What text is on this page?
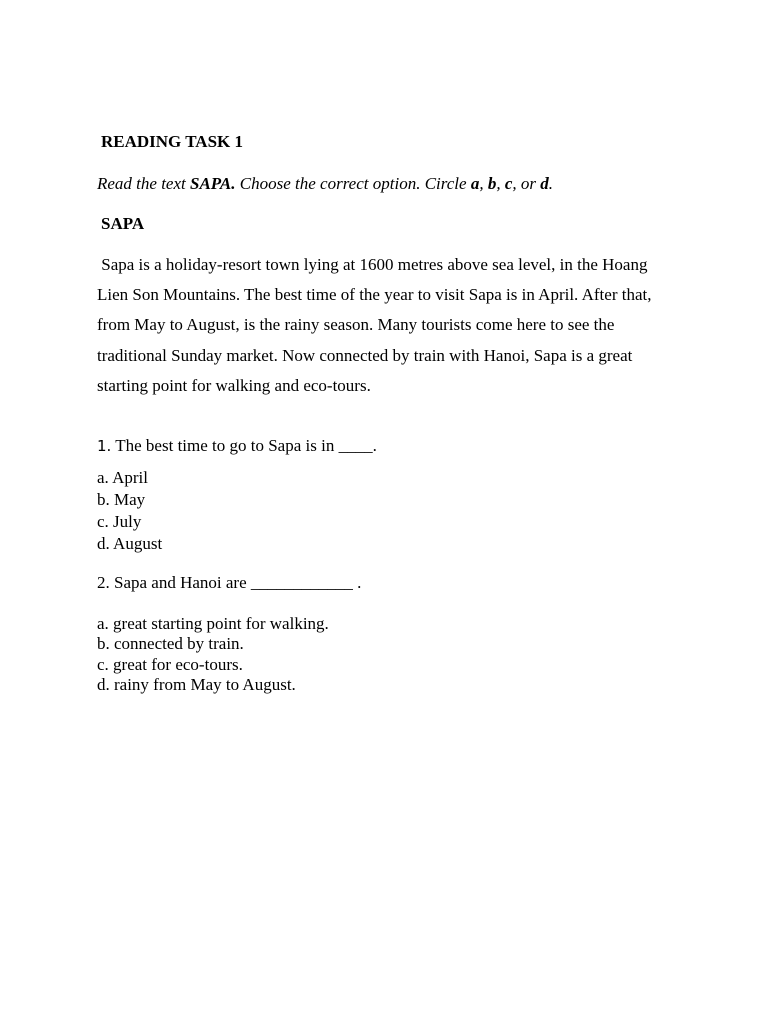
READING TASK 1
Read the text SAPA. Choose the correct option. Circle a, b, c, or d.
SAPA
Sapa is a holiday-resort town lying at 1600 metres above sea level, in the Hoang
Lien Son Mountains. The best time of the year to visit Sapa is in April. After that,
from May to August, is the rainy season. Many tourists come here to see the
traditional Sunday market. Now connected by train with Hanoi, Sapa is a great
starting point for walking and eco-tours.
1. The best time to go to Sapa is in ____.
a. April
b. May
c. July
d. August
2. Sapa and Hanoi are ____________ .
a. great starting point for walking.
b. connected by train.
c. great for eco-tours.
d. rainy from May to August.
